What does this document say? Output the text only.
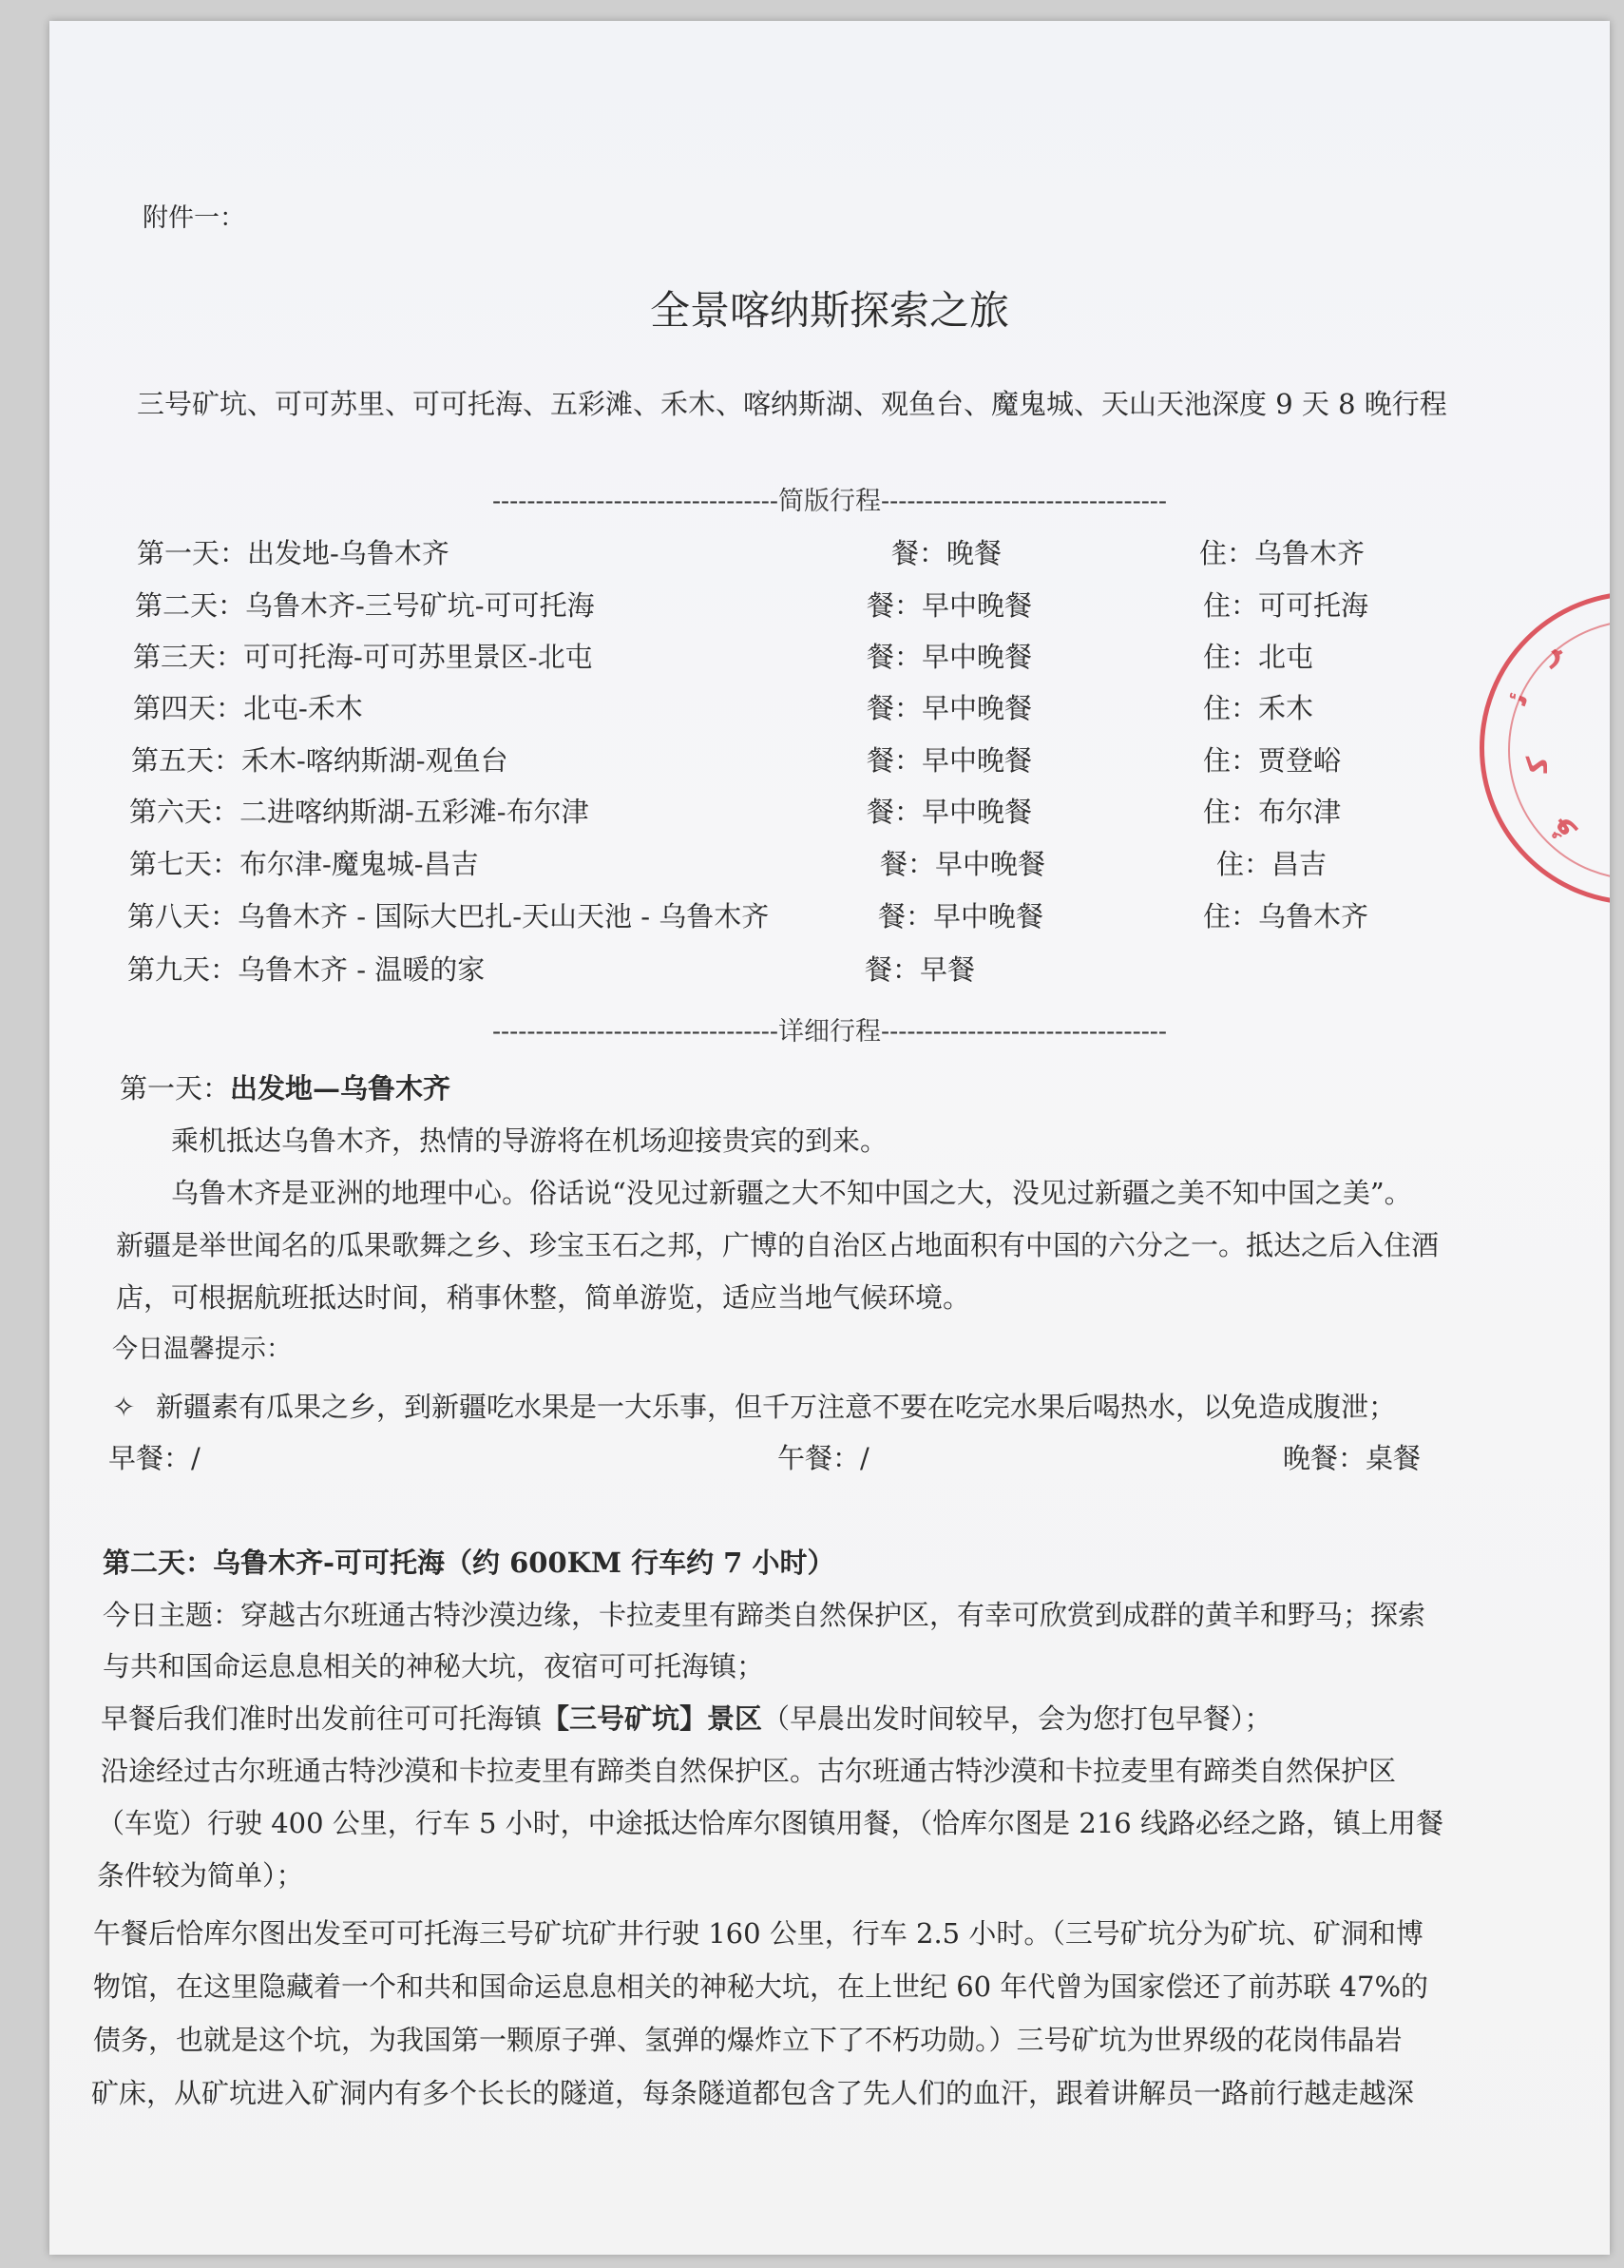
附件一：
全景喀纳斯探索之旅
三号矿坑、可可苏里、可可托海、五彩滩、禾木、喀纳斯湖、观鱼台、魔鬼城、天山天池深度 9 天 8 晚行程
---------------------------------简版行程---------------------------------
第一天：出发地-乌鲁木齐	餐：晚餐	住：乌鲁木齐
第二天：乌鲁木齐-三号矿坑-可可托海	餐：早中晚餐	住：可可托海
第三天：可可托海-可可苏里景区-北屯	餐：早中晚餐	住：北屯
第四天：北屯-禾木	餐：早中晚餐	住：禾木
第五天：禾木-喀纳斯湖-观鱼台	餐：早中晚餐	住：贾登峪
第六天：二进喀纳斯湖-五彩滩-布尔津	餐：早中晚餐	住：布尔津
第七天：布尔津-魔鬼城-昌吉	餐：早中晚餐	住：昌吉
第八天：乌鲁木齐 - 国际大巴扎-天山天池 - 乌鲁木齐	餐：早中晚餐	住：乌鲁木齐
第九天：乌鲁木齐 - 温暖的家	餐：早餐
---------------------------------详细行程---------------------------------
第一天：出发地—乌鲁木齐
乘机抵达乌鲁木齐，热情的导游将在机场迎接贵宾的到来。
乌鲁木齐是亚洲的地理中心。俗话说“没见过新疆之大不知中国之大，没见过新疆之美不知中国之美”。
新疆是举世闻名的瓜果歌舞之乡、珍宝玉石之邦，广博的自治区占地面积有中国的六分之一。抵达之后入住酒
店，可根据航班抵达时间，稍事休整，简单游览，适应当地气候环境。
今日温馨提示：
✧ 新疆素有瓜果之乡，到新疆吃水果是一大乐事，但千万注意不要在吃完水果后喝热水，以免造成腹泄；
早餐：/	午餐：/	晚餐：桌餐
第二天：乌鲁木齐-可可托海（约 600KM 行车约 7 小时）
今日主题：穿越古尔班通古特沙漠边缘，卡拉麦里有蹄类自然保护区，有幸可欣赏到成群的黄羊和野马；探索
与共和国命运息息相关的神秘大坑，夜宿可可托海镇；
早餐后我们准时出发前往可可托海镇【三号矿坑】景区（早晨出发时间较早，会为您打包早餐）；
沿途经过古尔班通古特沙漠和卡拉麦里有蹄类自然保护区。古尔班通古特沙漠和卡拉麦里有蹄类自然保护区
（车览）行驶 400 公里，行车 5 小时，中途抵达恰库尔图镇用餐，（恰库尔图是 216 线路必经之路，镇上用餐
条件较为简单）；
午餐后恰库尔图出发至可可托海三号矿坑矿井行驶 160 公里，行车 2.5 小时。（三号矿坑分为矿坑、矿洞和博
物馆，在这里隐藏着一个和共和国命运息息相关的神秘大坑，在上世纪 60 年代曾为国家偿还了前苏联 47%的
债务，也就是这个坑，为我国第一颗原子弹、氢弹的爆炸立下了不朽功勋。）三号矿坑为世界级的花岗伟晶岩
矿床，从矿坑进入矿洞内有多个长长的隧道，每条隧道都包含了先人们的血汗，跟着讲解员一路前行越走越深
ﺋ
ﺮ
ﻛ
ﯘ
